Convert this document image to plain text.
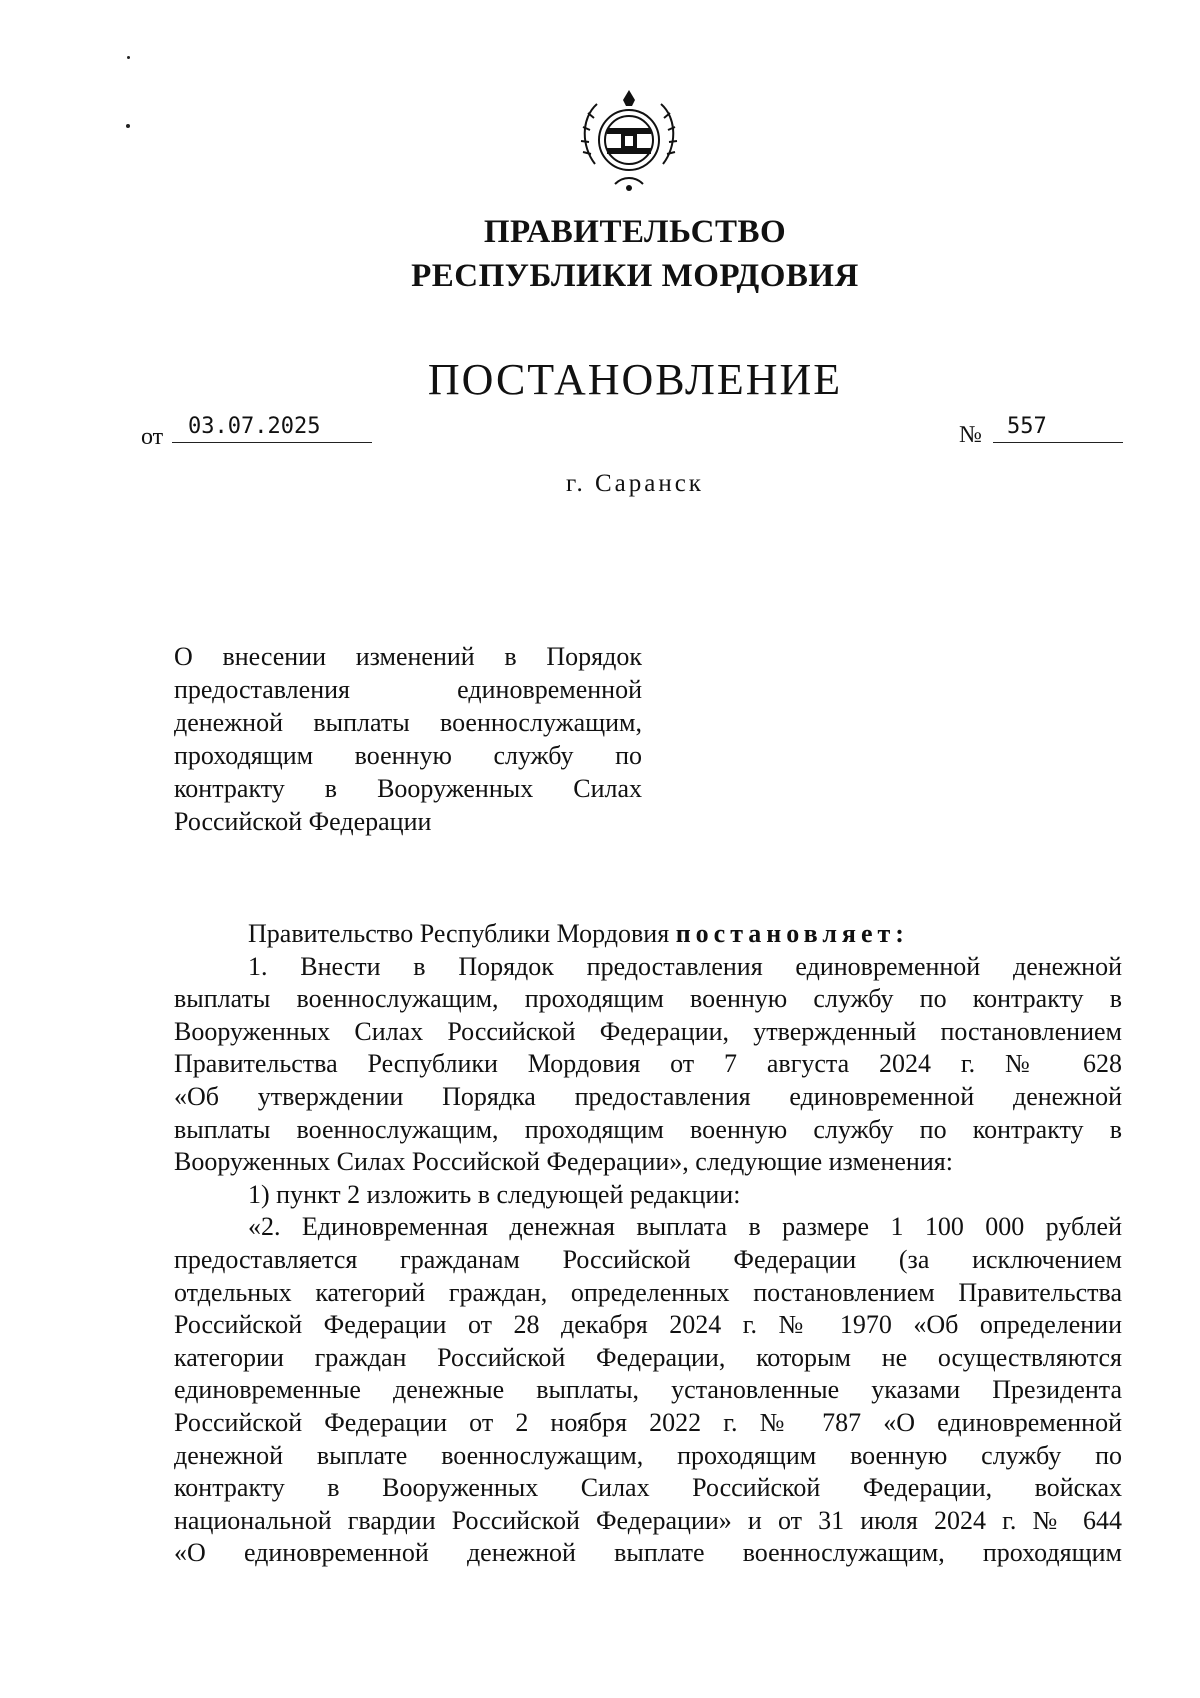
ПРАВИТЕЛЬСТВО
РЕСПУБЛИКИ МОРДОВИЯ
ПОСТАНОВЛЕНИЕ
от 03.07.2025	№ 557
г. Саранск
О внесении изменений в Порядок
предоставления единовременной
денежной выплаты военнослужащим,
проходящим военную службу по
контракту в Вооруженных Силах
Российской Федерации
Правительство Республики Мордовия постановляет:
1. Внести в Порядок предоставления единовременной денежной
выплаты военнослужащим, проходящим военную службу по контракту в
Вооруженных Силах Российской Федерации, утвержденный постановлением
Правительства Республики Мордовия от 7 августа 2024 г. № 628
«Об утверждении Порядка предоставления единовременной денежной
выплаты военнослужащим, проходящим военную службу по контракту в
Вооруженных Силах Российской Федерации», следующие изменения:
1) пункт 2 изложить в следующей редакции:
«2. Единовременная денежная выплата в размере 1 100 000 рублей
предоставляется гражданам Российской Федерации (за исключением
отдельных категорий граждан, определенных постановлением Правительства
Российской Федерации от 28 декабря 2024 г. № 1970 «Об определении
категории граждан Российской Федерации, которым не осуществляются
единовременные денежные выплаты, установленные указами Президента
Российской Федерации от 2 ноября 2022 г. № 787 «О единовременной
денежной выплате военнослужащим, проходящим военную службу по
контракту в Вооруженных Силах Российской Федерации, войсках
национальной гвардии Российской Федерации» и от 31 июля 2024 г. № 644
«О единовременной денежной выплате военнослужащим, проходящим
